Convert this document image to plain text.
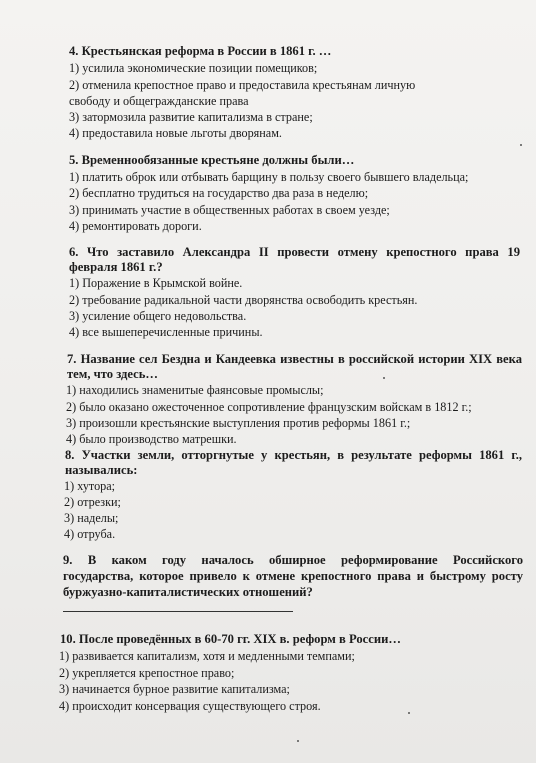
4. Крестьянская реформа в России в 1861 г. …
1) усилила экономические позиции помещиков;
2) отменила крепостное право и предоставила крестьянам личную
свободу и общегражданские права
3) затормозила развитие капитализма в стране;
4) предоставила новые льготы дворянам.
5. Временнообязанные крестьяне должны были…
1) платить оброк или отбывать барщину в пользу своего бывшего владельца;
2) бесплатно трудиться на государство два раза в неделю;
3) принимать участие в общественных работах в своем уезде;
4) ремонтировать дороги.
6. Что заставило Александра II провести отмену крепостного права 19
февраля 1861 г.?
1) Поражение в Крымской войне.
2) требование радикальной части дворянства освободить крестьян.
3) усиление общего недовольства.
4) все вышеперечисленные причины.
7. Название сел Бездна и Кандеевка известны в российской истории XIX века
тем, что здесь…
1) находились знаменитые фаянсовые промыслы;
2) было оказано ожесточенное сопротивление французским войскам в 1812 г.;
3) произошли крестьянские выступления против реформы 1861 г.;
4) было производство матрешки.
8. Участки земли, отторгнутые у крестьян, в результате реформы 1861 г.,
назывались:
1) хутора;
2) отрезки;
3) наделы;
4) отруба.
9. В каком году началось обширное реформирование Российского
государства, которое привело к отмене крепостного права и быстрому росту
буржуазно-капиталистических отношений?
10. После проведённых в 60-70 гг. XIX в. реформ в России…
1) развивается капитализм, хотя и медленными темпами;
2) укрепляется крепостное право;
3) начинается бурное развитие капитализма;
4) происходит консервация существующего строя.
